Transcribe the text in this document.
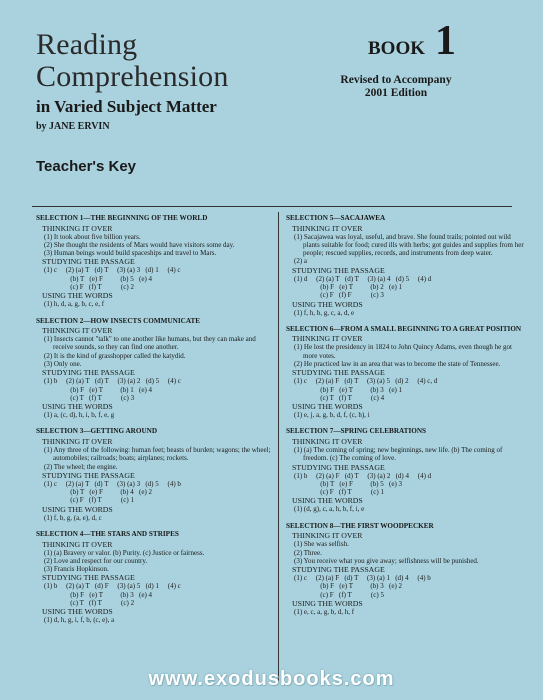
Reading
Comprehension
in Varied Subject Matter
by JANE ERVIN
Teacher's Key
BOOK 1
Revised to Accompany
2001 Edition
SELECTION 1—THE BEGINNING OF THE WORLD
THINKING IT OVER
(1) It took about five billion years.
(2) She thought the residents of Mars would have visitors some day.
(3) Human beings would build spaceships and travel to Mars.
STUDYING THE PASSAGE
(1) c     (2) (a) T   (d) T     (3) (a) 3   (d) 1     (4) c
(b) T   (e) F          (b) 5   (e) 4
(c) F   (f) T           (c) 2
USING THE WORDS
(1) h, d, a, g, b, c, e, f
SELECTION 2—HOW INSECTS COMMUNICATE
THINKING IT OVER
(1) Insects cannot "talk" to one another like humans, but they can make and receive sounds, so they can find one another.
(2) It is the kind of grasshopper called the katydid.
(3) Only one.
STUDYING THE PASSAGE
(1) b     (2) (a) T   (d) T     (3) (a) 2   (d) 5     (4) c
(b) F   (e) T          (b) 1   (e) 4
(c) T   (f) T           (c) 3
USING THE WORDS
(1) a, (c, d), h, i, b, f, e, g
SELECTION 3—GETTING AROUND
THINKING IT OVER
(1) Any three of the following: human feet; beasts of burden; wagons; the wheel; automobiles; railroads; boats; airplanes; rockets.
(2) The wheel; the engine.
STUDYING THE PASSAGE
(1) c     (2) (a) T   (d) T     (3) (a) 3   (d) 5     (4) b
(b) T   (e) F          (b) 4   (e) 2
(c) F   (f) T           (c) 1
USING THE WORDS
(1) f, b, g, (a, e), d, c
SELECTION 4—THE STARS AND STRIPES
THINKING IT OVER
(1) (a) Bravery or valor. (b) Purity. (c) Justice or fairness.
(2) Love and respect for our country.
(3) Francis Hopkinson.
STUDYING THE PASSAGE
(1) b     (2) (a) T   (d) F     (3) (a) 5   (d) 1     (4) c
(b) F   (e) T          (b) 3   (e) 4
(c) T   (f) T           (c) 2
USING THE WORDS
(1) d, h, g, i, f, b, (c, e), a
SELECTION 5—SACAJAWEA
THINKING IT OVER
(1) Sacajawea was loyal, useful, and brave. She found trails; pointed out wild plants suitable for food; cured ills with herbs; got guides and supplies from her people; rescued supplies, records, and instruments from deep water.
(2) a
STUDYING THE PASSAGE
(1) d     (2) (a) T   (d) T     (3) (a) 4   (d) 5     (4) d
(b) F   (e) T          (b) 2   (e) 1
(c) F   (f) F           (c) 3
USING THE WORDS
(1) f, h, b, g, c, a, d, e
SELECTION 6—FROM A SMALL BEGINNING TO A GREAT POSITION
THINKING IT OVER
(1) He lost the presidency in 1824 to John Quincy Adams, even though he got more votes.
(2) He practiced law in an area that was to become the state of Tennessee.
STUDYING THE PASSAGE
(1) c     (2) (a) F   (d) T     (3) (a) 5   (d) 2     (4) c, d
(b) F   (e) T          (b) 3   (e) 1
(c) T   (f) T           (c) 4
USING THE WORDS
(1) e, j, a, g, b, d, f, (c, h), i
SELECTION 7—SPRING CELEBRATIONS
THINKING IT OVER
(1) (a) The coming of spring; new beginnings, new life. (b) The coming of freedom. (c) The coming of love.
STUDYING THE PASSAGE
(1) b     (2) (a) F   (d) T     (3) (a) 2   (d) 4     (4) d
(b) T   (e) F          (b) 5   (e) 3
(c) F   (f) T           (c) 1
USING THE WORDS
(1) (d, g), c, a, h, b, f, i, e
SELECTION 8—THE FIRST WOODPECKER
THINKING IT OVER
(1) She was selfish.
(2) Three.
(3) You receive what you give away; selfishness will be punished.
STUDYING THE PASSAGE
(1) c     (2) (a) F   (d) T     (3) (a) 1   (d) 4     (4) b
(b) F   (e) T          (b) 3   (e) 2
(c) F   (f) T           (c) 5
USING THE WORDS
(1) e, c, a, g, b, d, h, f
www.exodusbooks.com
